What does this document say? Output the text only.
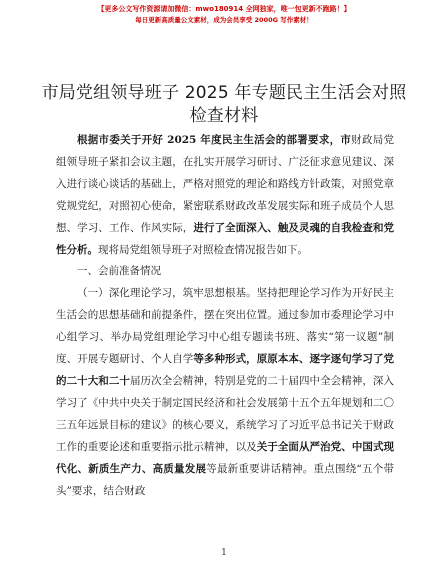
【更多公文写作资源请加微信：mwo180914 全网独家，唯一包更新不跑路！】
每日更新高质量公文素材，成为会员享受 2000G 写作素材！
市局党组领导班子 2025 年专题民主生活会对照
检查材料

根据市委关于开好 2025 年度民主生活会的部署要求，市财政局党组领导班子紧扣会议主题，在扎实开展学习研讨、广泛征求意见建议、深入进行谈心谈话的基础上，严格对照党的理论和路线方针政策，对照党章党规党纪，对照初心使命，紧密联系财政改革发展实际和班子成员个人思想、学习、工作、作风实际，进行了全面深入、触及灵魂的自我检查和党性分析。现将局党组领导班子对照检查情况报告如下。

一、会前准备情况

（一）深化理论学习，筑牢思想根基。坚持把理论学习作为开好民主生活会的思想基础和前提条件，摆在突出位置。通过参加市委理论学习中心组学习、举办局党组理论学习中心组专题读书班、落实“第一议题”制度、开展专题研讨、个人自学等多种形式，原原本本、逐字逐句学习了党的二十大和二十届历次全会精神，特别是党的二十届四中全会精神，深入学习了《中共中央关于制定国民经济和社会发展第十五个五年规划和二〇三五年远景目标的建议》的核心要义，系统学习了习近平总书记关于财政工作的重要论述和重要指示批示精神，以及关于全面从严治党、中国式现代化、新质生产力、高质量发展等最新重要讲话精神。重点围绕“五个带头”要求，结合财政

1
